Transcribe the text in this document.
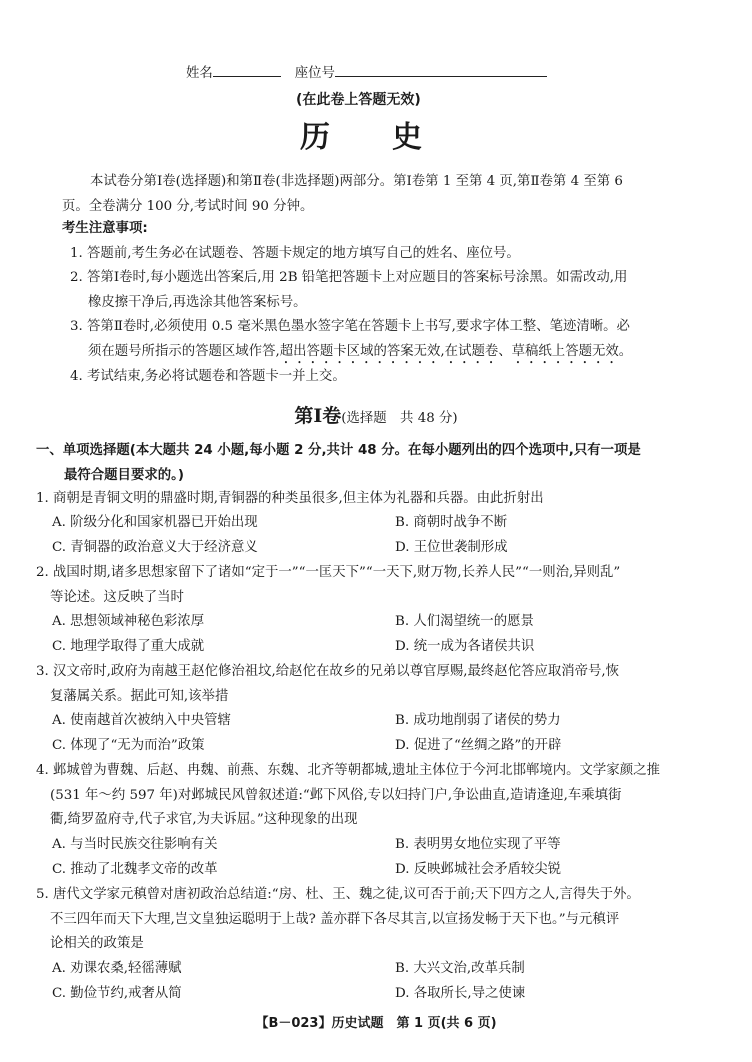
姓名	座位号
(在此卷上答题无效)
历史
本试卷分第Ⅰ卷(选择题)和第Ⅱ卷(非选择题)两部分。第Ⅰ卷第 1 至第 4 页,第Ⅱ卷第 4 至第 6
页。全卷满分 100 分,考试时间 90 分钟。
考生注意事项:
1. 答题前,考生务必在试题卷、答题卡规定的地方填写自己的姓名、座位号。
2. 答第Ⅰ卷时,每小题选出答案后,用 2B 铅笔把答题卡上对应题目的答案标号涂黑。如需改动,用
橡皮擦干净后,再选涂其他答案标号。
3. 答第Ⅱ卷时,必须使用 0.5 毫米黑色墨水签字笔在答题卡上书写,要求字体工整、笔迹清晰。必
须在题号所指示的答题区域作答,超出答题卡区域的答案无效,在试题卷、草稿纸上答题无效。
4. 考试结束,务必将试题卷和答题卡一并上交。
第Ⅰ卷(选择题　共 48 分)
一、单项选择题(本大题共 24 小题,每小题 2 分,共计 48 分。在每小题列出的四个选项中,只有一项是
最符合题目要求的。)
1. 商朝是青铜文明的鼎盛时期,青铜器的种类虽很多,但主体为礼器和兵器。由此折射出
A. 阶级分化和国家机器已开始出现	B. 商朝时战争不断
C. 青铜器的政治意义大于经济意义	D. 王位世袭制形成
2. 战国时期,诸多思想家留下了诸如“定于一”“一匡天下”“一天下,财万物,长养人民”“一则治,异则乱”
等论述。这反映了当时
A. 思想领域神秘色彩浓厚	B. 人们渴望统一的愿景
C. 地理学取得了重大成就	D. 统一成为各诸侯共识
3. 汉文帝时,政府为南越王赵佗修治祖坟,给赵佗在故乡的兄弟以尊官厚赐,最终赵佗答应取消帝号,恢
复藩属关系。据此可知,该举措
A. 使南越首次被纳入中央管辖	B. 成功地削弱了诸侯的势力
C. 体现了“无为而治”政策	D. 促进了“丝绸之路”的开辟
4. 邺城曾为曹魏、后赵、冉魏、前燕、东魏、北齐等朝都城,遗址主体位于今河北邯郸境内。文学家颜之推
(531 年～约 597 年)对邺城民风曾叙述道:“邺下风俗,专以妇持门户,争讼曲直,造请逢迎,车乘填街
衢,绮罗盈府寺,代子求官,为夫诉屈。”这种现象的出现
A. 与当时民族交往影响有关	B. 表明男女地位实现了平等
C. 推动了北魏孝文帝的改革	D. 反映邺城社会矛盾较尖锐
5. 唐代文学家元稹曾对唐初政治总结道:“房、杜、王、魏之徒,议可否于前;天下四方之人,言得失于外。
不三四年而天下大理,岂文皇独运聪明于上哉? 盖亦群下各尽其言,以宣扬发畅于天下也。”与元稹评
论相关的政策是
A. 劝课农桑,轻徭薄赋	B. 大兴文治,改革兵制
C. 勤俭节约,戒奢从简	D. 各取所长,导之使谏
【B－023】历史试题　第 1 页(共 6 页)
